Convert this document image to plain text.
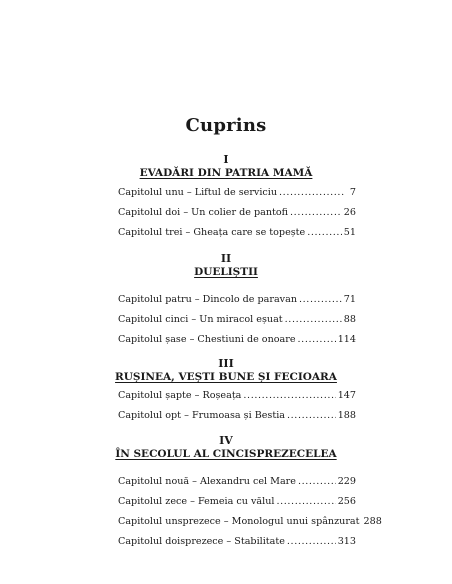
Cuprins
I
EVADĂRI DIN PATRIA MAMĂ
Capitolul unu – Liftul de serviciu .....	7
Capitolul doi – Un colier de pantofi .....	26
Capitolul trei – Gheața care se topește .....	51
II
DUELIȘTII
Capitolul patru – Dincolo de paravan .....	71
Capitolul cinci – Un miracol eșuat .....	88
Capitolul șase – Chestiuni de onoare .....	114
III
RUȘINEA, VEȘTI BUNE ȘI FECIOARA
Capitolul șapte – Roșeața .....	147
Capitolul opt – Frumoasa și Bestia .....	188
IV
ÎN SECOLUL AL CINCISPREZECELEA
Capitolul nouă – Alexandru cel Mare .....	229
Capitolul zece – Femeia cu vălul .....	256
Capitolul unsprezece – Monologul unui spânzurat 288
Capitolul doisprezece – Stabilitate .....	313
